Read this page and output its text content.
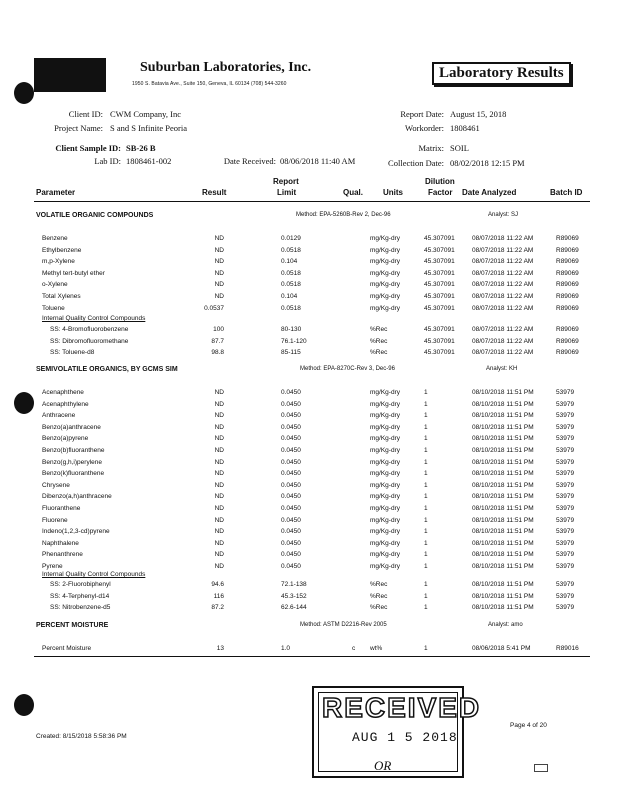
Suburban Laboratories, Inc.
1950 S. Batavia Ave., Suite 150, Geneva, IL 60134 (708) 544-3260
Laboratory Results
Client ID: CWM Company, Inc
Project Name: S and S Infinite Peoria
Report Date: August 15, 2018
Workorder: 1808461
Client Sample ID: SB-26 B	Matrix: SOIL
Lab ID: 1808461-002	Date Received: 08/06/2018 11:40 AM	Collection Date: 08/02/2018 12:15 PM
Parameter	Result
Report
Limit	Qual. Units
Dilution
Factor Date Analyzed	Batch ID
VOLATILE ORGANIC COMPOUNDS	Method: EPA-5260B-Rev 2, Dec-96	Analyst: SJ
Benzene	ND	0.0129	mg/Kg-dry	45.307091	08/07/2018 11:22 AM	R89069
Ethylbenzene	ND	0.0518	mg/Kg-dry	45.307091	08/07/2018 11:22 AM	R89069
m,p-Xylene	ND	0.104	mg/Kg-dry	45.307091	08/07/2018 11:22 AM	R89069
Methyl tert-butyl ether	ND	0.0518	mg/Kg-dry	45.307091	08/07/2018 11:22 AM	R89069
o-Xylene	ND	0.0518	mg/Kg-dry	45.307091	08/07/2018 11:22 AM	R89069
Total Xylenes	ND	0.104	mg/Kg-dry	45.307091	08/07/2018 11:22 AM	R89069
Toluene	0.0537	0.0518	mg/Kg-dry	45.307091	08/07/2018 11:22 AM	R89069
Internal Quality Control Compounds
SS: 4-Bromofluorobenzene	100	80-130	%Rec	45.307091	08/07/2018 11:22 AM	R89069
SS: Dibromofluoromethane	87.7	76.1-120	%Rec	45.307091	08/07/2018 11:22 AM	R89069
SS: Toluene-d8	98.8	85-115	%Rec	45.307091	08/07/2018 11:22 AM	R89069
SEMIVOLATILE ORGANICS, BY GCMS SIM	Method: EPA-8270C-Rev 3, Dec-96	Analyst: KH
Acenaphthene	ND	0.0450	mg/Kg-dry	1	08/10/2018 11:51 PM	53979
Acenaphthylene	ND	0.0450	mg/Kg-dry	1	08/10/2018 11:51 PM	53979
Anthracene	ND	0.0450	mg/Kg-dry	1	08/10/2018 11:51 PM	53979
Benzo(a)anthracene	ND	0.0450	mg/Kg-dry	1	08/10/2018 11:51 PM	53979
Benzo(a)pyrene	ND	0.0450	mg/Kg-dry	1	08/10/2018 11:51 PM	53979
Benzo(b)fluoranthene	ND	0.0450	mg/Kg-dry	1	08/10/2018 11:51 PM	53979
Benzo(g,h,i)perylene	ND	0.0450	mg/Kg-dry	1	08/10/2018 11:51 PM	53979
Benzo(k)fluoranthene	ND	0.0450	mg/Kg-dry	1	08/10/2018 11:51 PM	53979
Chrysene	ND	0.0450	mg/Kg-dry	1	08/10/2018 11:51 PM	53979
Dibenzo(a,h)anthracene	ND	0.0450	mg/Kg-dry	1	08/10/2018 11:51 PM	53979
Fluoranthene	ND	0.0450	mg/Kg-dry	1	08/10/2018 11:51 PM	53979
Fluorene	ND	0.0450	mg/Kg-dry	1	08/10/2018 11:51 PM	53979
Indeno(1,2,3-cd)pyrene	ND	0.0450	mg/Kg-dry	1	08/10/2018 11:51 PM	53979
Naphthalene	ND	0.0450	mg/Kg-dry	1	08/10/2018 11:51 PM	53979
Phenanthrene	ND	0.0450	mg/Kg-dry	1	08/10/2018 11:51 PM	53979
Pyrene	ND	0.0450	mg/Kg-dry	1	08/10/2018 11:51 PM	53979
Internal Quality Control Compounds
SS: 2-Fluorobiphenyl	94.6	72.1-138	%Rec	1	08/10/2018 11:51 PM	53979
SS: 4-Terphenyl-d14	116	45.3-152	%Rec	1	08/10/2018 11:51 PM	53979
SS: Nitrobenzene-d5	87.2	62.6-144	%Rec	1	08/10/2018 11:51 PM	53979
PERCENT MOISTURE	Method: ASTM D2216-Rev 2005	Analyst: amo
Percent Moisture	13	1.0	c wt%	1	08/06/2018 5:41 PM	R89016
Created: 8/15/2018 5:58:36 PM
Page 4 of 20
RECEIVED
AUG 1 5 2018
OR
